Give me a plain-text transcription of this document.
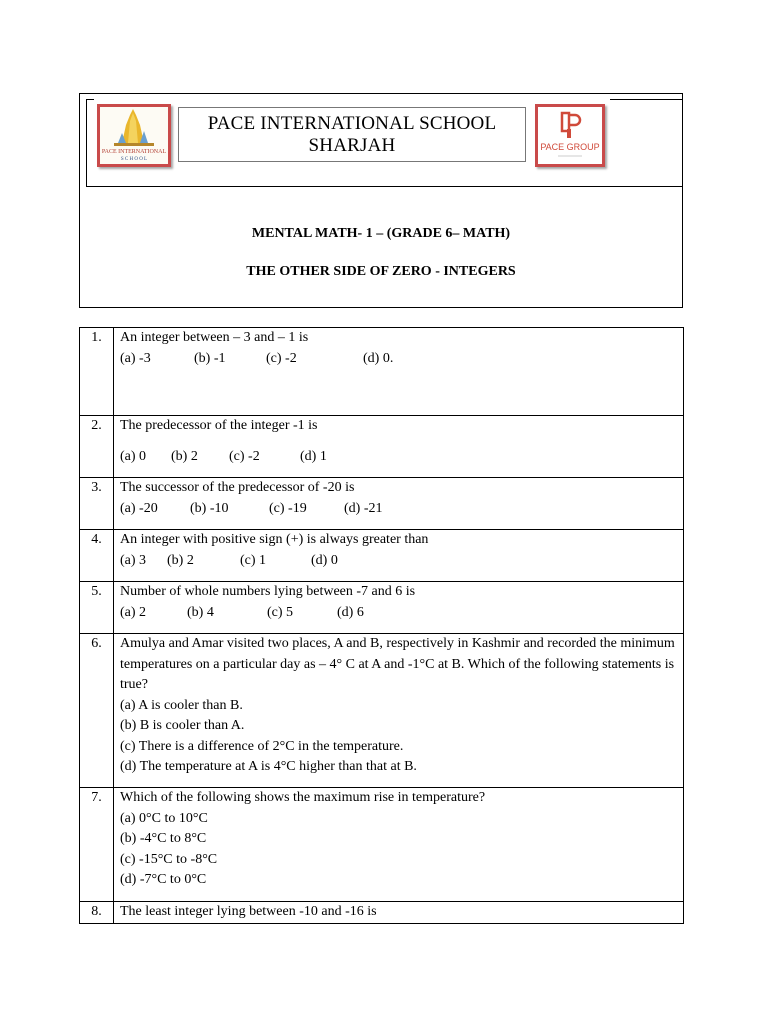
PACE INTERNATIONAL
S C H O O L
PACE INTERNATIONAL SCHOOL
SHARJAH	PACE GROUP
MENTAL MATH- 1 – (GRADE 6– MATH)
THE OTHER SIDE OF ZERO - INTEGERS
1.	An integer between – 3 and – 1 is
(a) -3 (b) -1 (c) -2 (d) 0.

2.	The predecessor of the integer -1 is
(a) 0 (b) 2 (c) -2 (d) 1

3.	The successor of the predecessor of -20 is
(a) -20 (b) -10 (c) -19 (d) -21

4.	An integer with positive sign (+) is always greater than
(a) 3 (b) 2 (c) 1 (d) 0

5.	Number of whole numbers lying between -7 and 6 is
(a) 2 (b) 4 (c) 5 (d) 6

6.	Amulya and Amar visited two places, A and B, respectively in Kashmir and recorded the minimum temperatures on a particular day as – 4° C at A and -1°C at B. Which of the following statements is true?
(a) A is cooler than B.
(b) B is cooler than A.
(c) There is a difference of 2°C in the temperature.
(d) The temperature at A is 4°C higher than that at B.

7.	Which of the following shows the maximum rise in temperature?
(a) 0°C to 10°C
(b) -4°C to 8°C
(c) -15°C to -8°C
(d) -7°C to 0°C

8.	The least integer lying between -10 and -16 is
